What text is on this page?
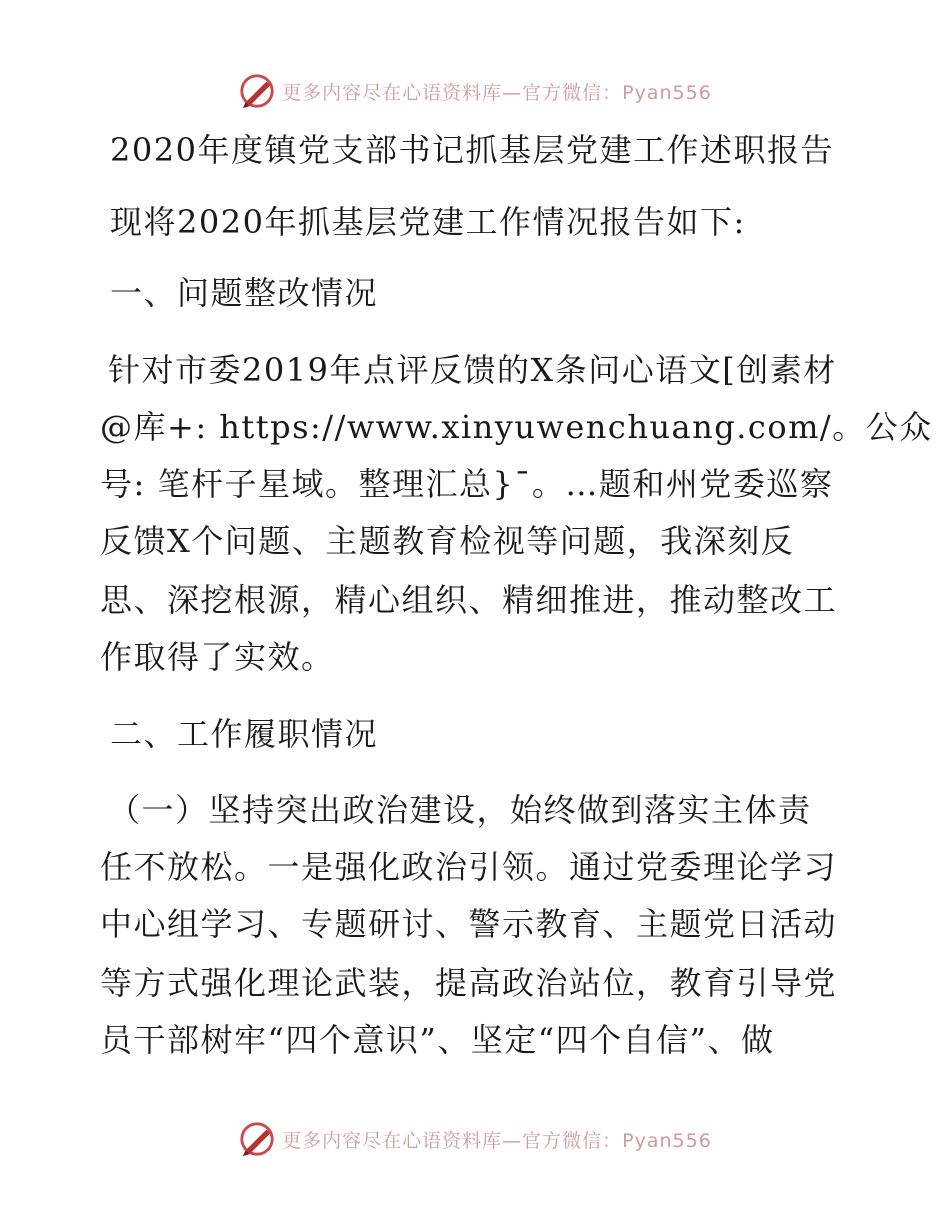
更多内容尽在心语资料库—官方微信：Pyan556
2020年度镇党支部书记抓基层党建工作述职报告

现将2020年抓基层党建工作情况报告如下:

一、问题整改情况

针对市委2019年点评反馈的X条问心语文[创素材

@库+: https://www.xinyuwenchuang.com/。公众

号: 笔杆子星域。整理汇总}¯。…题和州党委巡察

反馈X个问题、主题教育检视等问题，我深刻反

思、深挖根源，精心组织、精细推进，推动整改工

作取得了实效。

二、工作履职情况

（一）坚持突出政治建设，始终做到落实主体责

任不放松。一是强化政治引领。通过党委理论学习

中心组学习、专题研讨、警示教育、主题党日活动

等方式强化理论武装，提高政治站位，教育引导党

员干部树牢“四个意识”、坚定“四个自信”、做

更多内容尽在心语资料库—官方微信：Pyan556
